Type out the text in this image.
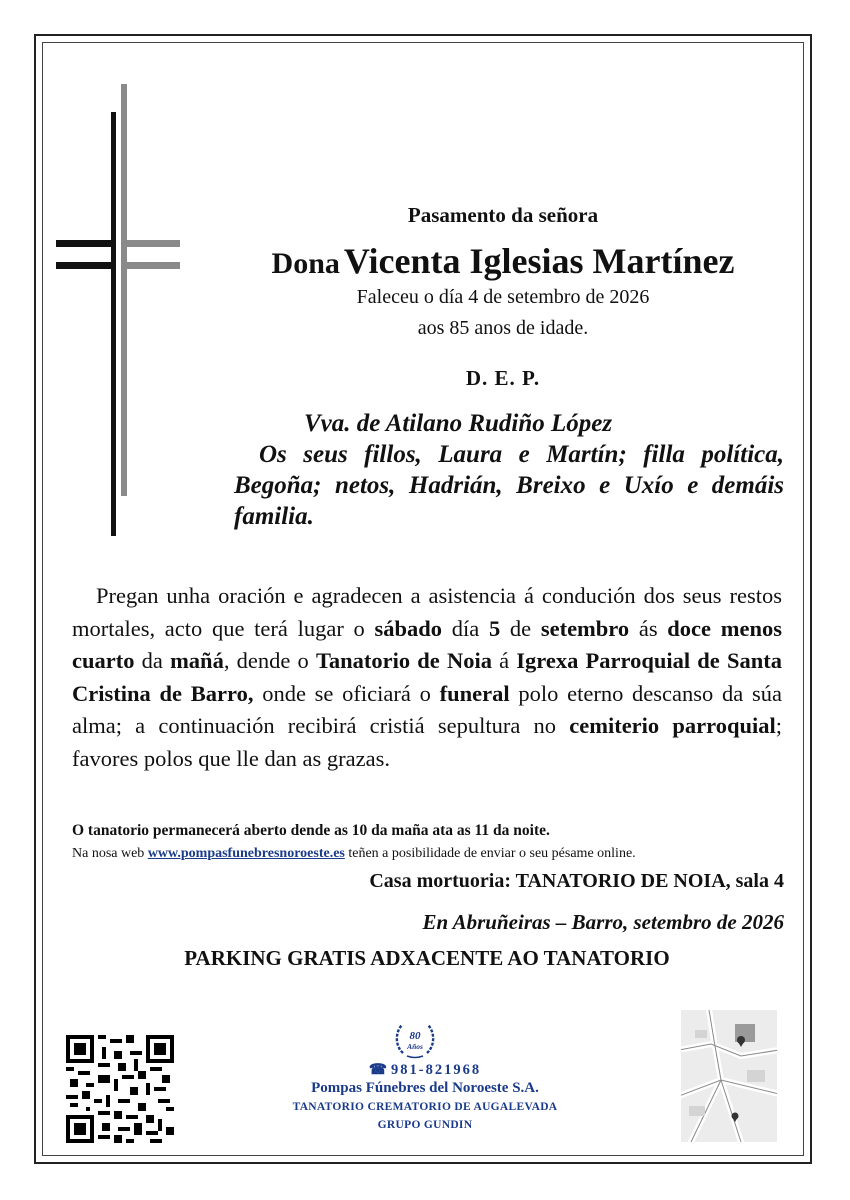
Pasamento da señora

Dona Vicenta Iglesias Martínez

Faleceu o día 4 de setembro de 2026

aos 85 anos de idade.

D. E. P.

Vva. de Atilano Rudiño López
Os seus fillos, Laura e Martín; filla política, Begoña; netos, Hadrián, Breixo e Uxío e demáis familia.

Pregan unha oración e agradecen a asistencia á condución dos seus restos mortales, acto que terá lugar o sábado día 5 de setembro ás doce menos cuarto da mañá, dende o Tanatorio de Noia á Igrexa Parroquial de Santa Cristina de Barro, onde se oficiará o funeral polo eterno descanso da súa alma; a continuación recibirá cristiá sepultura no cemiterio parroquial; favores polos que lle dan as grazas.

O tanatorio permanecerá aberto dende as 10 da maña ata as 11 da noite.

Na nosa web www.pompasfunebresnoroeste.es teñen a posibilidade de enviar o seu pésame online.

Casa mortuoria: TANATORIO DE NOIA, sala 4

En Abruñeiras – Barro, setembro de 2026

PARKING GRATIS ADXACENTE AO TANATORIO

80
Años

☎ 981-821968

Pompas Fúnebres del Noroeste S.A.

TANATORIO CREMATORIO DE AUGALEVADA

GRUPO GUNDIN
